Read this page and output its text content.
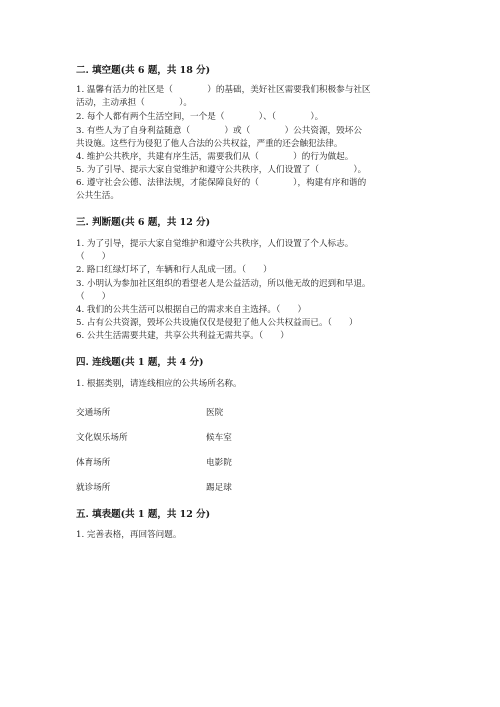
二. 填空题(共 6 题，共 18 分)
1. 温馨有活力的社区是（　　　　）的基础，美好社区需要我们积极参与社区
活动，主动承担（　　　　）。
2. 每个人都有两个生活空间，一个是（　　　　）、（　　　　）。
3. 有些人为了自身利益随意（　　　　）或（　　　　）公共资源，毁坏公
共设施。这些行为侵犯了他人合法的公共权益，严重的还会触犯法律。
4. 维护公共秩序，共建有序生活，需要我们从（　　　　）的行为做起。
5. 为了引导、提示大家自觉维护和遵守公共秩序，人们设置了（　　　　）。
6. 遵守社会公德、法律法规，才能保障良好的（　　　　），构建有序和谐的
公共生活。
三. 判断题(共 6 题，共 12 分)
1. 为了引导，提示大家自觉维护和遵守公共秩序，人们设置了个人标志。
（　　）
2. 路口红绿灯坏了，车辆和行人乱成一团。（　　）
3. 小明认为参加社区组织的看望老人是公益活动，所以他无故的迟到和早退。
（　　）
4. 我们的公共生活可以根据自己的需求来自主选择。（　　）
5. 占有公共资源，毁坏公共设施仅仅是侵犯了他人公共权益而已。（　　）
6. 公共生活需要共建，共享公共利益无需共享。（　　）
四. 连线题(共 1 题，共 4 分)
1. 根据类别，请连线相应的公共场所名称。
交通场所	医院
文化娱乐场所	候车室
体育场所	电影院
就诊场所	踢足球
五. 填表题(共 1 题，共 12 分)
1. 完善表格，再回答问题。
